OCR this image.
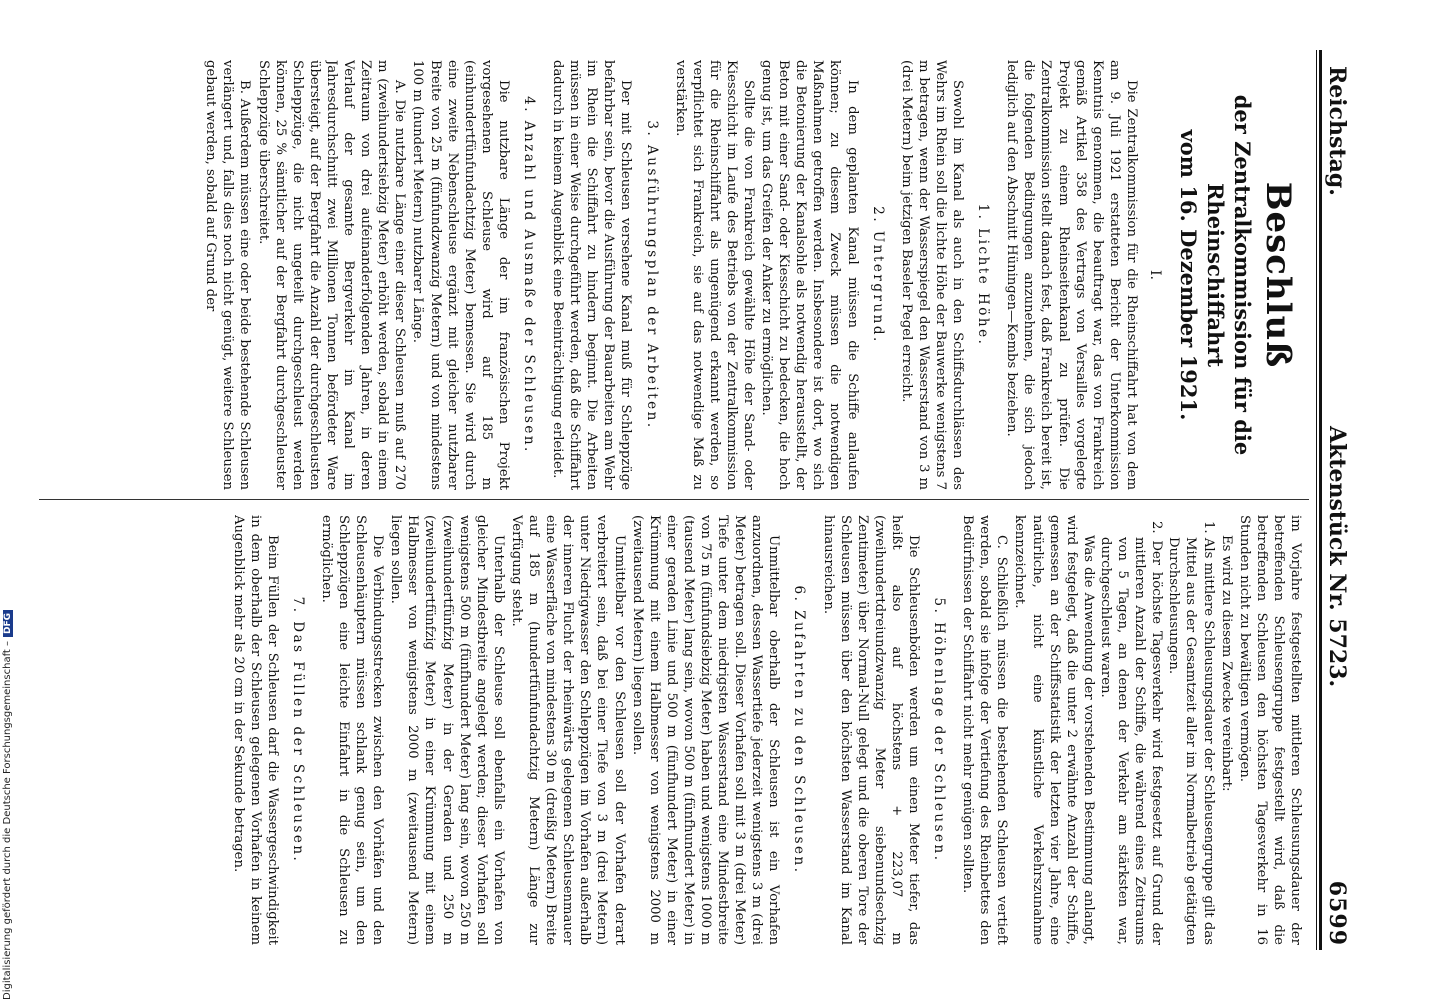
Reichstag.
Aktenstück Nr. 5723.
6599
Beschluß
der Zentralkommission für die Rheinschiffahrt
vom 16. Dezember 1921.
I.

Die Zentralkommission für die Rheinschiffahrt hat von dem am 9. Juli 1921 erstatteten Bericht der Unterkommission Kenntnis genommen, die beauftragt war, das von Frankreich gemäß Artikel 358 des Vertrags von Versailles vorgelegte Projekt zu einem Rheinseitenkanal zu prüfen. Die Zentralkommission stellt danach fest, daß Frankreich bereit ist, die folgenden Bedingungen anzunehmen, die sich jedoch lediglich auf den Abschnitt Hüningen—Kembs beziehen.

1. Lichte Höhe.

Sowohl im Kanal als auch in den Schiffsdurchlässen des Wehrs im Rhein soll die lichte Höhe der Bauwerke wenigstens 7 m betragen, wenn der Wasserspiegel den Wasserstand von 3 m (drei Metern) beim jetzigen Baseler Pegel erreicht.

2. Untergrund.

In dem geplanten Kanal müssen die Schiffe anlaufen können; zu diesem Zweck müssen die notwendigen Maßnahmen getroffen werden. Insbesondere ist dort, wo sich die Betonierung der Kanalsohle als notwendig herausstellt, der Beton mit einer Sand- oder Kiesschicht zu bedecken, die hoch genug ist, um das Greifen der Anker zu ermöglichen.

Sollte die von Frankreich gewählte Höhe der Sand- oder Kiesschicht im Laufe des Betriebs von der Zentralkommission für die Rheinschiffahrt als ungenügend erkannt werden, so verpflichtet sich Frankreich, sie auf das notwendige Maß zu verstärken.

3. Ausführungsplan der Arbeiten.

Der mit Schleusen versehene Kanal muß für Schleppzüge befahrbar sein, bevor die Ausführung der Bauarbeiten am Wehr im Rhein die Schiffahrt zu hindern beginnt. Die Arbeiten müssen in einer Weise durchgeführt werden, daß die Schiffahrt dadurch in keinem Augenblick eine Beeinträchtigung erleidet.

4. Anzahl und Ausmaße der Schleusen.

Die nutzbare Länge der im französischen Projekt vorgesehenen Schleuse wird auf 185 m (einhundertfünfundachtzig Meter) bemessen. Sie wird durch eine zweite Nebenschleuse ergänzt mit gleicher nutzbarer Breite von 25 m (fünfundzwanzig Metern) und von mindestens 100 m (hundert Metern) nutzbarer Länge.

A. Die nutzbare Länge einer dieser Schleusen muß auf 270 m (zweihundertsiebzig Meter) erhöht werden, sobald in einem Zeitraum von drei aufeinanderfolgenden Jahren, in deren Verlauf der gesamte Bergverkehr im Kanal im Jahresdurchschnitt zwei Millionen Tonnen befördeter Ware übersteigt, auf der Bergfahrt die Anzahl der durchgeschleusten Schleppzüge, die nicht ungeteilt durchgeschleust werden können, 25 % sämtlicher auf der Bergfahrt durchgeschleuster Schleppzüge überschreitet.

B. Außerdem müssen eine oder beide bestehende Schleusen verlängert und, falls dies noch nicht genügt, weitere Schleusen gebaut werden, sobald auf Grund der

im Vorjahre festgestellten mittleren Schleusungsdauer der betreffenden Schleusengruppe festgestellt wird, daß die betreffenden Schleusen den höchsten Tagesverkehr in 16 Stunden nicht zu bewältigen vermögen.

Es wird zu diesem Zwecke vereinbart:

1. Als mittlere Schleusungsdauer der Schleusengruppe gilt das Mittel aus der Gesamtzeit aller im Normalbetrieb getätigten Durchschleusungen.
2. Der höchste Tagesverkehr wird festgesetzt auf Grund der mittleren Anzahl der Schiffe, die während eines Zeitraums von 5 Tagen, an denen der Verkehr am stärksten war, durchgeschleust waren.

Was die Anwendung der vorstehenden Bestimmung anlangt, wird festgelegt, daß die unter 2 erwähnte Anzahl der Schiffe, gemessen an der Schiffsstatistik der letzten vier Jahre, eine natürliche, nicht eine künstliche Verkehrszunahme kennzeichnet.

C. Schließlich müssen die bestehenden Schleusen vertieft werden, sobald sie infolge der Vertiefung des Rheinbettes den Bedürfnissen der Schiffahrt nicht mehr genügen sollten.

5. Höhenlage der Schleusen.

Die Schleusenböden werden um einen Meter tiefer, das heißt also auf höchstens + 223,07 m (zweihundertdreiundzwanzig Meter siebenundsechzig Zentimeter) über Normal-Null gelegt und die oberen Tore der Schleusen müssen über den höchsten Wasserstand im Kanal hinausreichen.

6. Zufahrten zu den Schleusen.

Unmittelbar oberhalb der Schleusen ist ein Vorhafen anzuordnen, dessen Wassertiefe jederzeit wenigstens 3 m (drei Meter) betragen soll. Dieser Vorhafen soll mit 3 m (drei Meter) Tiefe unter dem niedrigsten Wasserstand eine Mindestbreite von 75 m (fünfundsiebzig Meter) haben und wenigstens 1000 m (tausend Meter) lang sein, wovon 500 m (fünfhundert Meter) in einer geraden Linie und 500 m (fünfhundert Meter) in einer Krümmung mit einem Halbmesser von wenigstens 2000 m (zweitausend Metern) liegen sollen.

Unmittelbar vor den Schleusen soll der Vorhafen derart verbreitert sein, daß bei einer Tiefe von 3 m (drei Metern) unter Niedrigwasser den Schleppzügen im Vorhafen außerhalb der inneren Flucht der rheinwärts gelegenen Schleusenmauer eine Wasserfläche von mindestens 30 m (dreißig Metern) Breite auf 185 m (hundertfünfundachtzig Metern) Länge zur Verfügung steht.

Unterhalb der Schleuse soll ebenfalls ein Vorhafen von gleicher Mindestbreite angelegt werden; dieser Vorhafen soll wenigstens 500 m (fünfhundert Meter) lang sein, wovon 250 m (zweihundertfünfzig Meter) in der Geraden und 250 m (zweihundertfünfzig Meter) in einer Krümmung mit einem Halbmesser von wenigstens 2000 m (zweitausend Metern) liegen sollen.

Die Verbindungsstrecken zwischen den Vorhäfen und den Schleusenhäuptern müssen schlank genug sein, um den Schleppzügen eine leichte Einfahrt in die Schleusen zu ermöglichen.

7. Das Füllen der Schleusen.

Beim Füllen der Schleusen darf die Wassergeschwindigkeit in dem oberhalb der Schleusen gelegenen Vorhafen in keinem Augenblick mehr als 20 cm in der Sekunde betragen.

Digitalisierung gefördert durch die Deutsche Forschungsgemeinschaft –DFG
